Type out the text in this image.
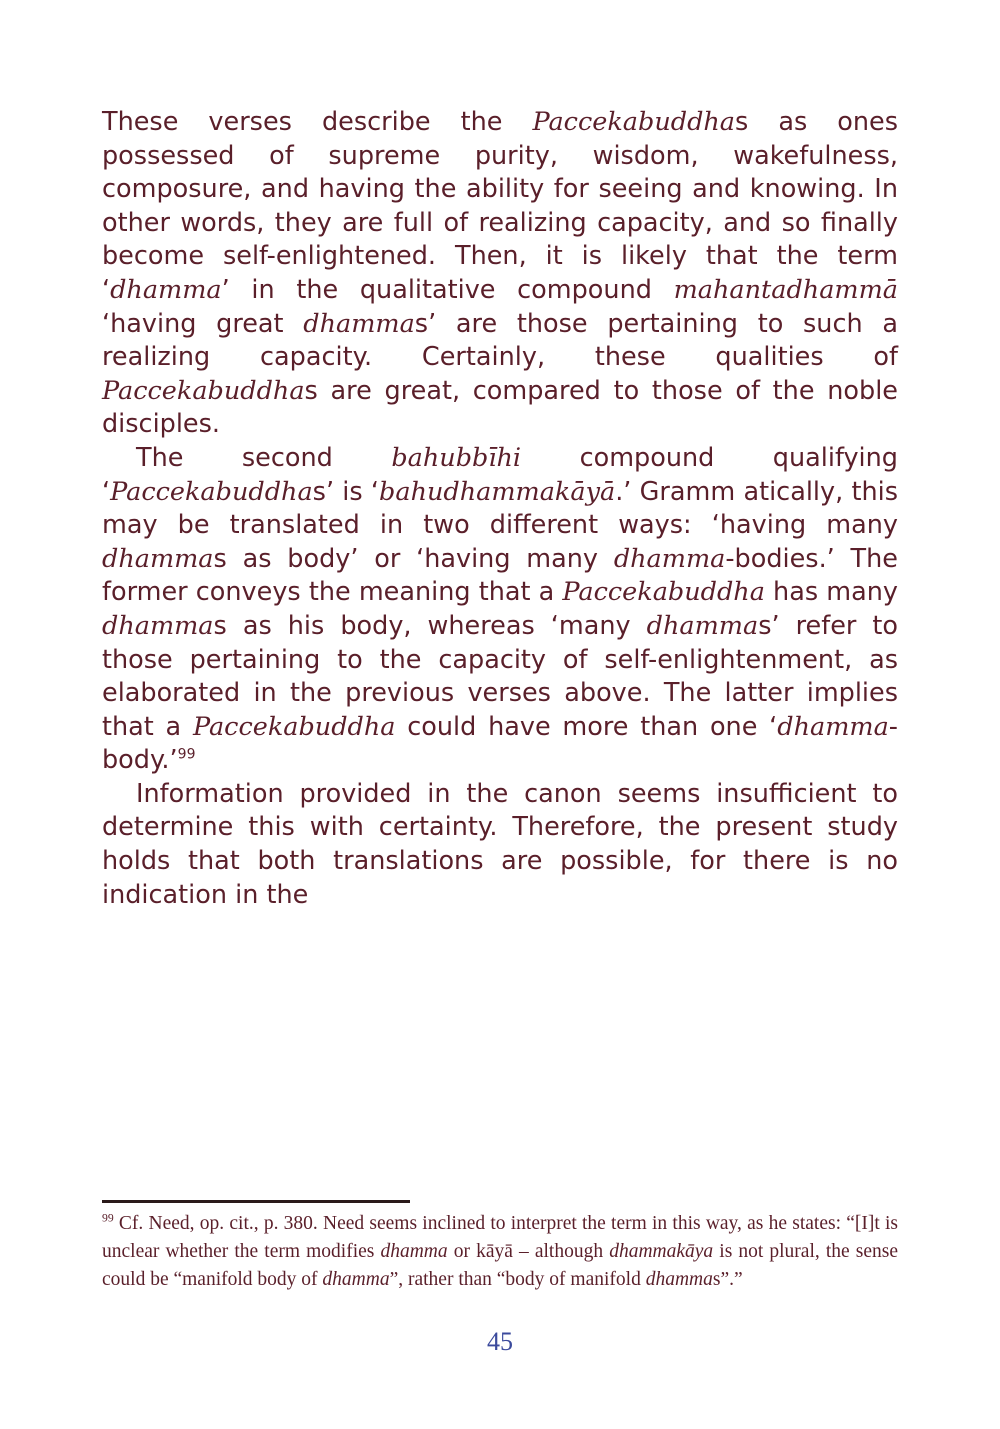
These verses describe the Paccekabuddhas as ones possessed of supreme purity, wisdom, wakefulness, composure, and having the ability for seeing and knowing. In other words, they are full of realizing capacity, and so finally become self-enlightened. Then, it is likely that the term ‘dhamma’ in the qualitative compound mahantadhammā ‘having great dhammas’ are those pertaining to such a realizing capacity. Certainly, these qualities of Paccekabuddhas are great, compared to those of the noble disciples.

The second bahubbīhi compound qualifying ‘Paccekabuddhas’ is ‘bahudhammakāyā.’ Gramm atically, this may be translated in two different ways: ‘having many dhammas as body’ or ‘having many dhamma-bodies.’ The former conveys the meaning that a Paccekabuddha has many dhammas as his body, whereas ‘many dhammas’ refer to those pertaining to the capacity of self-enlightenment, as elaborated in the previous verses above. The latter implies that a Paccekabuddha could have more than one ‘dhamma-body.’$^{99}$

Information provided in the canon seems insufficient to determine this with certainty. Therefore, the present study holds that both translations are possible, for there is no indication in the

$^{99}$ Cf. Need, op. cit., p. 380. Need seems inclined to interpret the term in this way, as he states: “[I]t is unclear whether the term modifies dhamma or kāyā – although dhammakāya is not plural, the sense could be “manifold body of dhamma”, rather than “body of manifold dhammas”.”
45
